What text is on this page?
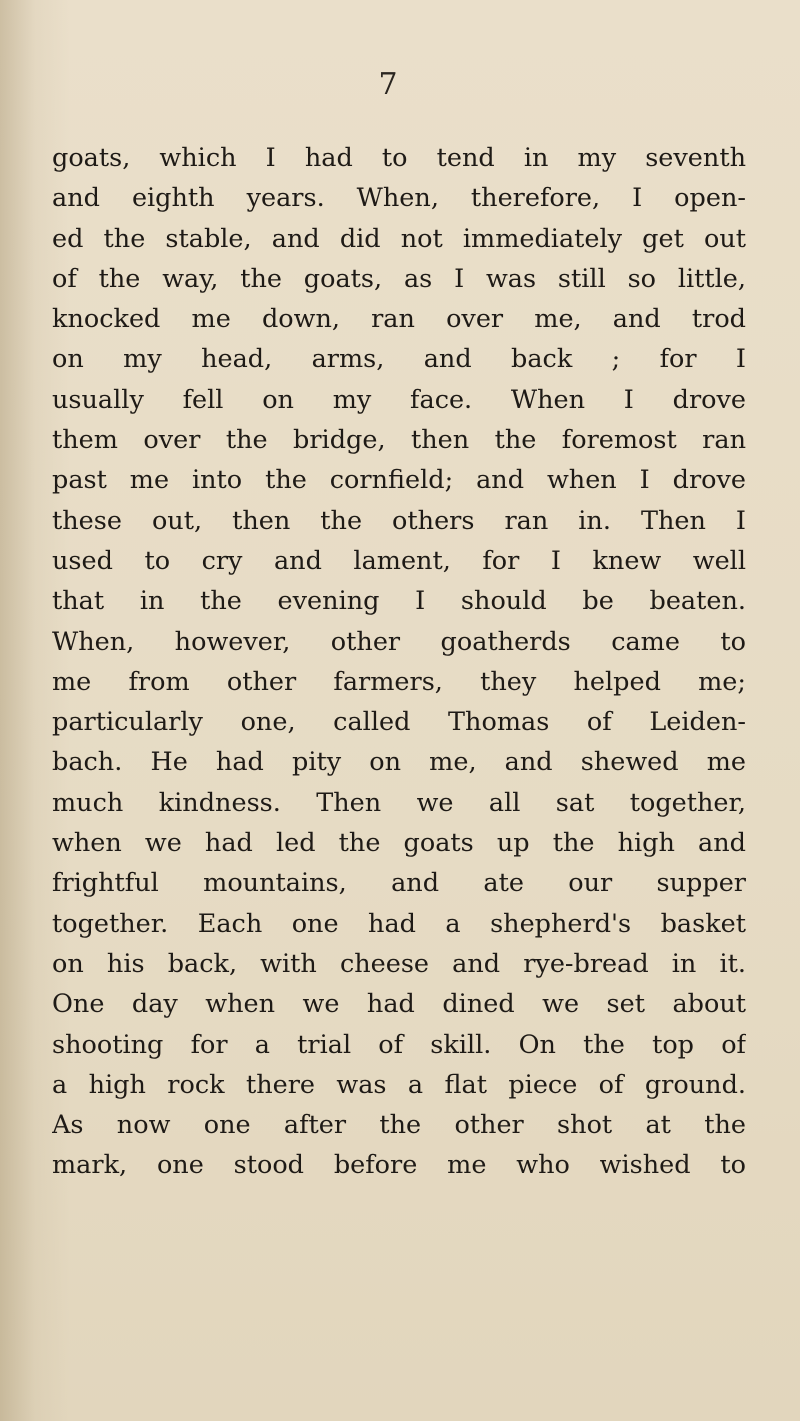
7
goats, which I had to tend in my seventh
and eighth years. When, therefore, I open-
ed the stable, and did not immediately get out
of the way, the goats, as I was still so little,
knocked me down, ran over me, and trod
on my head, arms, and back ; for I
usually fell on my face. When I drove
them over the bridge, then the foremost ran
past me into the cornfield; and when I drove
these out, then the others ran in. Then I
used to cry and lament, for I knew well
that in the evening I should be beaten.
When, however, other goatherds came to
me from other farmers, they helped me;
particularly one, called Thomas of Leiden-
bach. He had pity on me, and shewed me
much kindness. Then we all sat together,
when we had led the goats up the high and
frightful mountains, and ate our supper
together. Each one had a shepherd's basket
on his back, with cheese and rye-bread in it.
One day when we had dined we set about
shooting for a trial of skill. On the top of
a high rock there was a flat piece of ground.
As now one after the other shot at the
mark, one stood before me who wished to
